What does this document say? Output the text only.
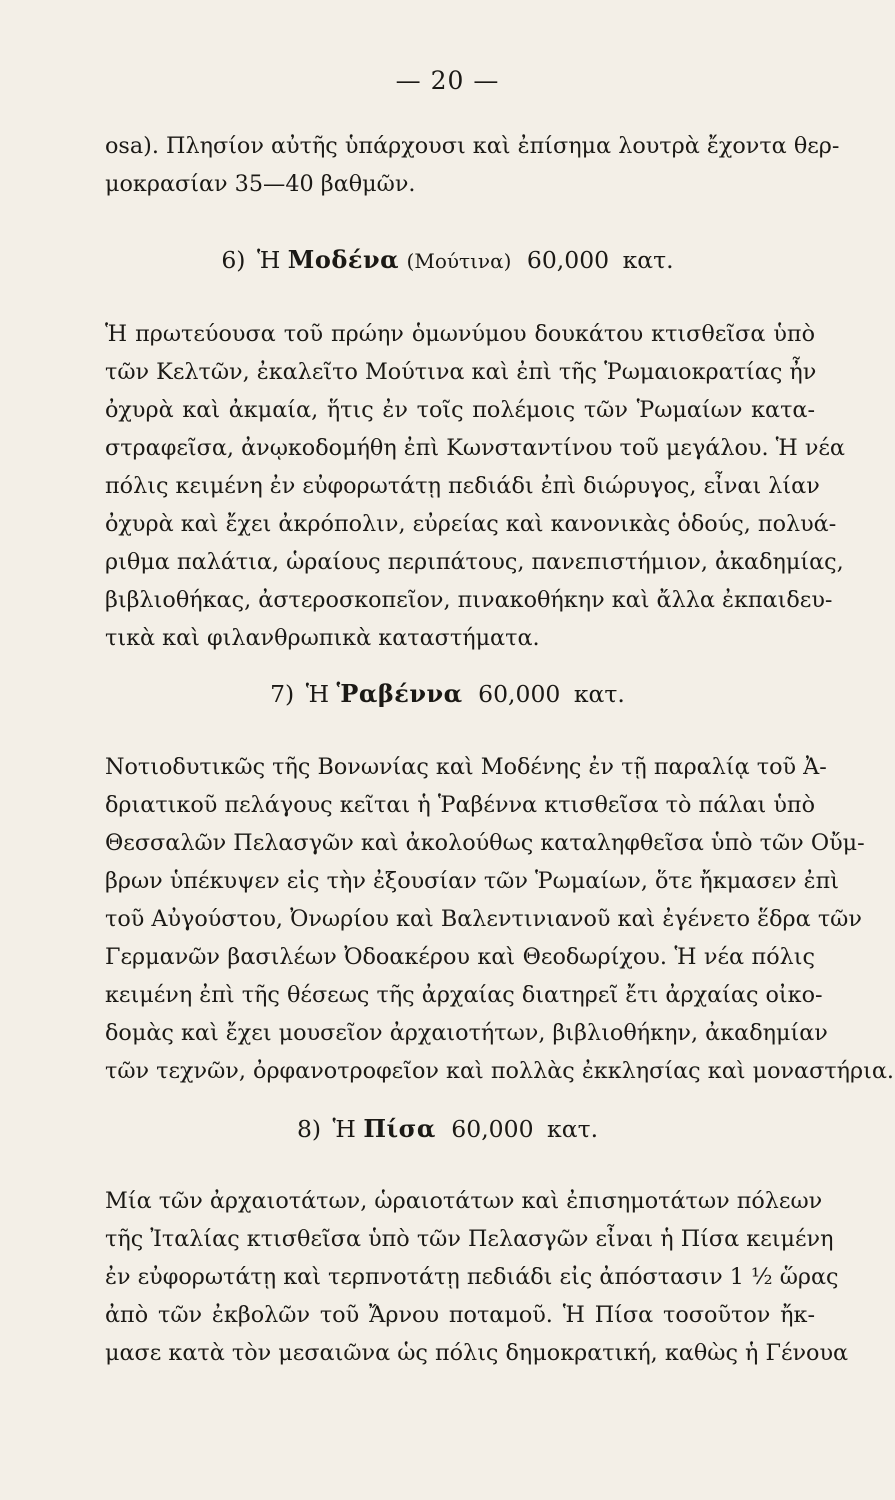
— 20 —
osa). Πλησίον αὐτῆς ὑπάρχουσι καὶ ἐπίσημα λουτρὰ ἔχοντα θερ-
μοκρασίαν 35—40 βαθμῶν.
6) Ἡ Μοδένα (Μούτινα) 60,000 κατ.
Ἡ πρωτεύουσα τοῦ πρώην ὁμωνύμου δουκάτου κτισθεῖσα ὑπὸ
τῶν Κελτῶν, ἐκαλεῖτο Μούτινα καὶ ἐπὶ τῆς Ῥωμαιοκρατίας ἦν
ὀχυρὰ καὶ ἀκμαία, ἥτις ἐν τοῖς πολέμοις τῶν Ῥωμαίων κατα-
στραφεῖσα, ἀνῳκοδομήθη ἐπὶ Κωνσταντίνου τοῦ μεγάλου. Ἡ νέα
πόλις κειμένη ἐν εὐφορωτάτῃ πεδιάδι ἐπὶ διώρυγος, εἶναι λίαν
ὀχυρὰ καὶ ἔχει ἀκρόπολιν, εὐρείας καὶ κανονικὰς ὁδούς, πολυά-
ριθμα παλάτια, ὡραίους περιπάτους, πανεπιστήμιον, ἀκαδημίας,
βιβλιοθήκας, ἀστεροσκοπεῖον, πινακοθήκην καὶ ἄλλα ἐκπαιδευ-
τικὰ καὶ φιλανθρωπικὰ καταστήματα.
7) Ἡ Ῥαβέννα 60,000 κατ.
Νοτιοδυτικῶς τῆς Βονωνίας καὶ Μοδένης ἐν τῇ παραλίᾳ τοῦ Ἀ-
δριατικοῦ πελάγους κεῖται ἡ Ῥαβέννα κτισθεῖσα τὸ πάλαι ὑπὸ
Θεσσαλῶν Πελασγῶν καὶ ἀκολούθως καταληφθεῖσα ὑπὸ τῶν Οὔμ-
βρων ὑπέκυψεν εἰς τὴν ἐξουσίαν τῶν Ῥωμαίων, ὅτε ἤκμασεν ἐπὶ
τοῦ Αὐγούστου, Ὀνωρίου καὶ Βαλεντινιανοῦ καὶ ἐγένετο ἕδρα τῶν
Γερμανῶν βασιλέων Ὀδοακέρου καὶ Θεοδωρίχου. Ἡ νέα πόλις
κειμένη ἐπὶ τῆς θέσεως τῆς ἀρχαίας διατηρεῖ ἔτι ἀρχαίας οἰκο-
δομὰς καὶ ἔχει μουσεῖον ἀρχαιοτήτων, βιβλιοθήκην, ἀκαδημίαν
τῶν τεχνῶν, ὀρφανοτροφεῖον καὶ πολλὰς ἐκκλησίας καὶ μοναστήρια.
8) Ἡ Πίσα 60,000 κατ.
Μία τῶν ἀρχαιοτάτων, ὡραιοτάτων καὶ ἐπισημοτάτων πόλεων
τῆς Ἰταλίας κτισθεῖσα ὑπὸ τῶν Πελασγῶν εἶναι ἡ Πίσα κειμένη
ἐν εὐφορωτάτῃ καὶ τερπνοτάτῃ πεδιάδι εἰς ἀπόστασιν 1 ½ ὥρας
ἀπὸ τῶν ἐκβολῶν τοῦ Ἄρνου ποταμοῦ. Ἡ Πίσα τοσοῦτον ἤκ-
μασε κατὰ τὸν μεσαιῶνα ὡς πόλις δημοκρατική, καθὼς ἡ Γένουα
